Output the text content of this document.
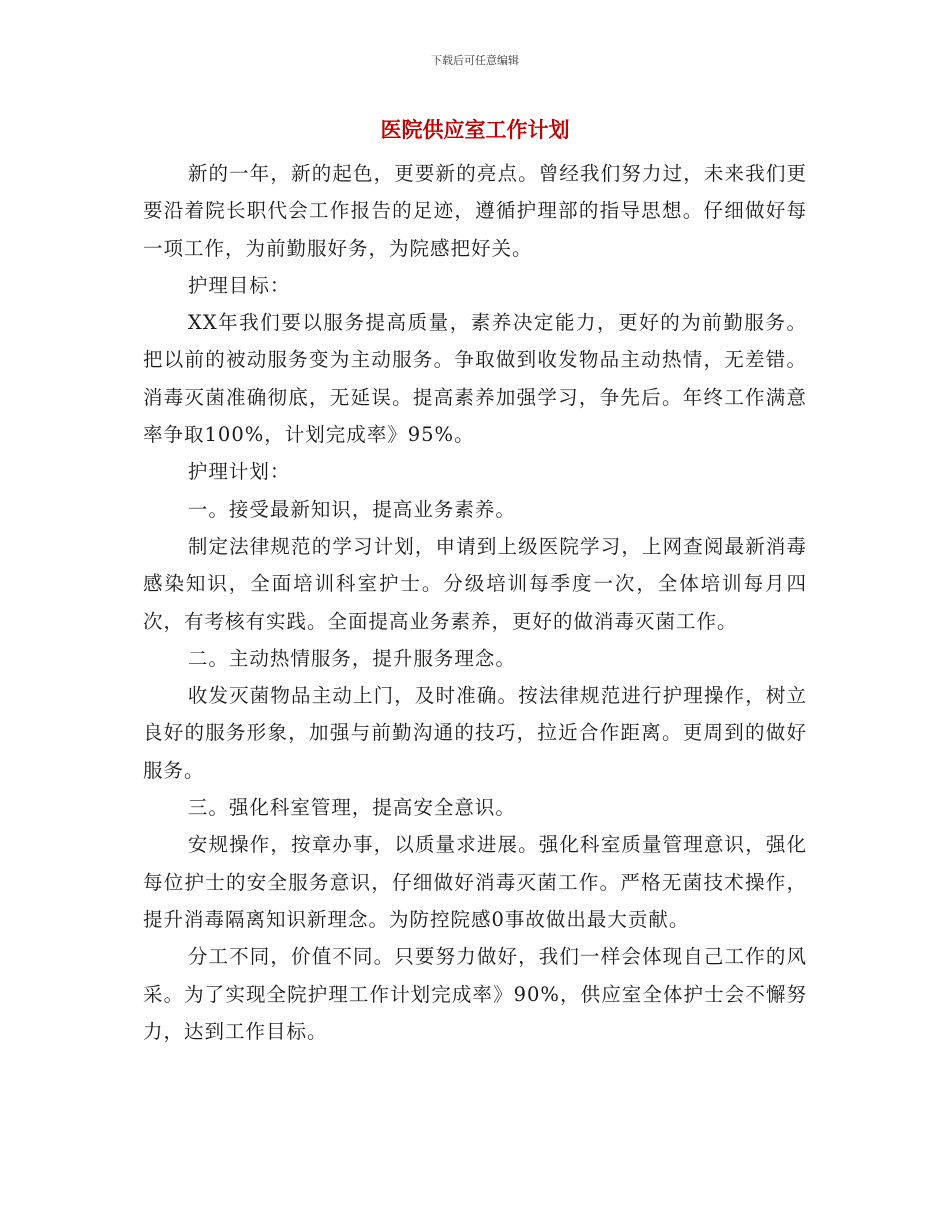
下载后可任意编辑
医院供应室工作计划

新的一年，新的起色，更要新的亮点。曾经我们努力过，未来我们更要沿着院长职代会工作报告的足迹，遵循护理部的指导思想。仔细做好每一项工作，为前勤服好务，为院感把好关。

护理目标：

XX年我们要以服务提高质量，素养决定能力，更好的为前勤服务。把以前的被动服务变为主动服务。争取做到收发物品主动热情，无差错。消毒灭菌准确彻底，无延误。提高素养加强学习，争先后。年终工作满意率争取100%，计划完成率》95%。

护理计划：

一。接受最新知识，提高业务素养。

制定法律规范的学习计划，申请到上级医院学习，上网查阅最新消毒感染知识，全面培训科室护士。分级培训每季度一次，全体培训每月四次，有考核有实践。全面提高业务素养，更好的做消毒灭菌工作。

二。主动热情服务，提升服务理念。

收发灭菌物品主动上门，及时准确。按法律规范进行护理操作，树立良好的服务形象，加强与前勤沟通的技巧，拉近合作距离。更周到的做好服务。

三。强化科室管理，提高安全意识。

安规操作，按章办事，以质量求进展。强化科室质量管理意识，强化每位护士的安全服务意识，仔细做好消毒灭菌工作。严格无菌技术操作，提升消毒隔离知识新理念。为防控院感0事故做出最大贡献。

分工不同，价值不同。只要努力做好，我们一样会体现自己工作的风采。为了实现全院护理工作计划完成率》90%，供应室全体护士会不懈努力，达到工作目标。
